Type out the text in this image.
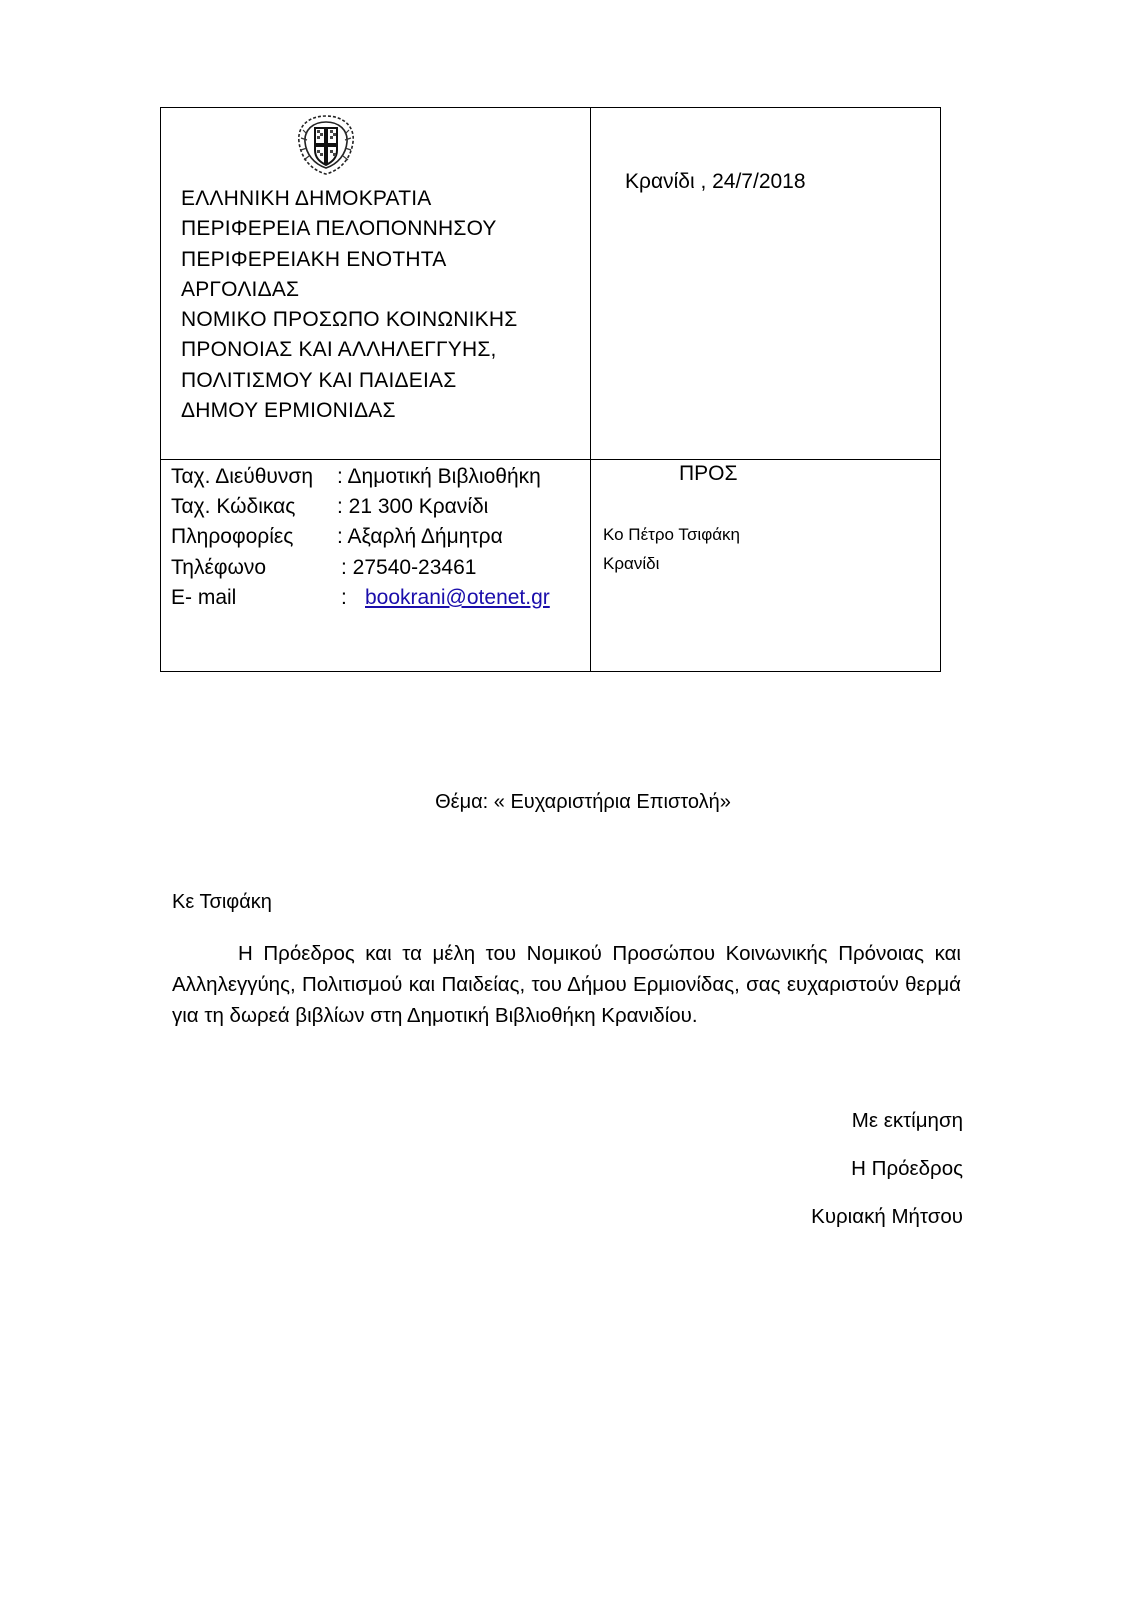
ΕΛΛΗΝΙΚΗ ΔΗΜΟΚΡΑΤΙΑ
ΠΕΡΙΦΕΡΕΙΑ ΠΕΛΟΠΟΝΝΗΣΟΥ
ΠΕΡΙΦΕΡΕΙΑΚΗ ΕΝΟΤΗΤΑ
ΑΡΓΟΛΙΔΑΣ
ΝΟΜΙΚΟ ΠΡΟΣΩΠΟ ΚΟΙΝΩΝΙΚΗΣ
ΠΡΟΝΟΙΑΣ ΚΑΙ ΑΛΛΗΛΕΓΓΥΗΣ,
ΠΟΛΙΤΙΣΜΟΥ ΚΑΙ ΠΑΙΔΕΙΑΣ
ΔΗΜΟΥ ΕΡΜΙΟΝΙΔΑΣ
Κρανίδι , 24/7/2018
Ταχ. Διεύθυνση : Δημοτική Βιβλιοθήκη
Ταχ. Κώδικας : 21 300 Κρανίδι
Πληροφορίες : Αξαρλή Δήμητρα
Τηλέφωνο	: 27540-23461
E- mail	: bookrani@otenet.gr
ΠΡΟΣ
Κο Πέτρο Τσιφάκη
Κρανίδι
Θέμα: « Ευχαριστήρια Επιστολή»
Κε Τσιφάκη
Η Πρόεδρος και τα μέλη του Νομικού Προσώπου Κοινωνικής Πρόνοιας και Αλληλεγγύης, Πολιτισμού και Παιδείας, του Δήμου Ερμιονίδας, σας ευχαριστούν θερμά για τη δωρεά βιβλίων στη Δημοτική Βιβλιοθήκη Κρανιδίου.
Με εκτίμηση
Η Πρόεδρος
Κυριακή Μήτσου
